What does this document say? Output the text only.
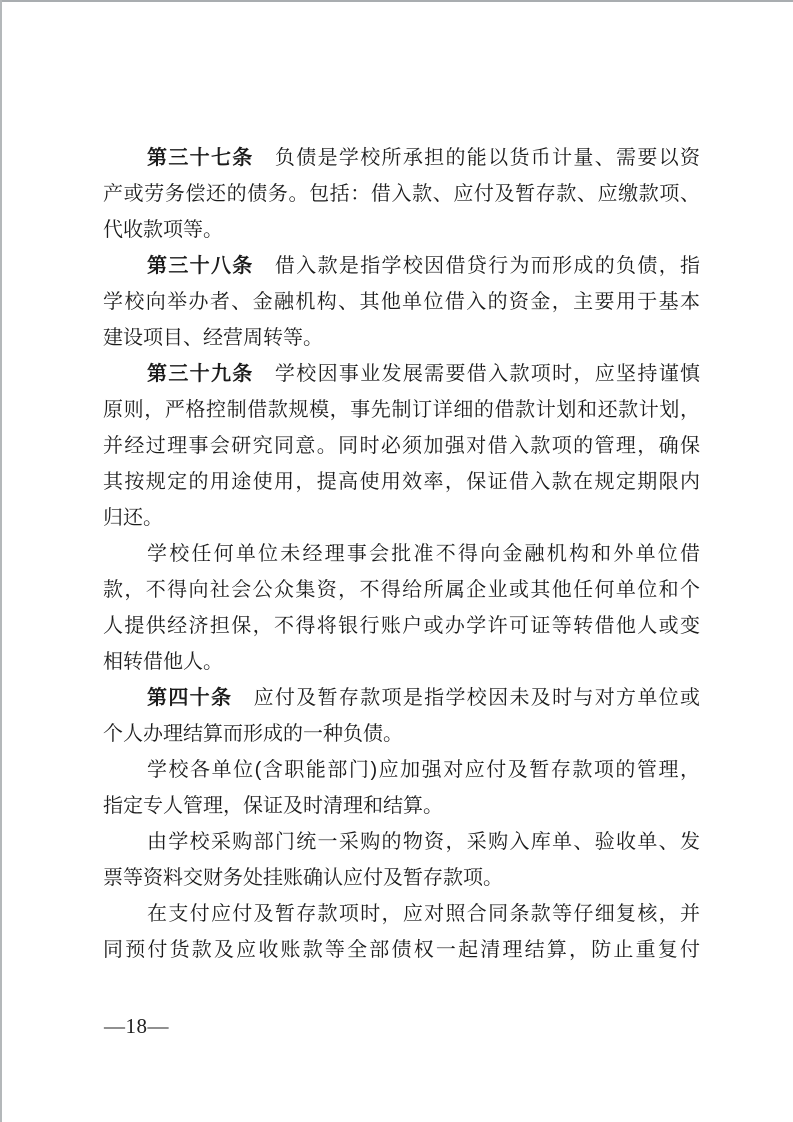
第三十七条　负债是学校所承担的能以货币计量、需要以资
产或劳务偿还的债务。包括：借入款、应付及暂存款、应缴款项、
代收款项等。
第三十八条　借入款是指学校因借贷行为而形成的负债，指
学校向举办者、金融机构、其他单位借入的资金，主要用于基本
建设项目、经营周转等。
第三十九条　学校因事业发展需要借入款项时，应坚持谨慎
原则，严格控制借款规模，事先制订详细的借款计划和还款计划，
并经过理事会研究同意。同时必须加强对借入款项的管理，确保
其按规定的用途使用，提高使用效率，保证借入款在规定期限内
归还。
学校任何单位未经理事会批准不得向金融机构和外单位借
款，不得向社会公众集资，不得给所属企业或其他任何单位和个
人提供经济担保，不得将银行账户或办学许可证等转借他人或变
相转借他人。
第四十条　应付及暂存款项是指学校因未及时与对方单位或
个人办理结算而形成的一种负债。
学校各单位(含职能部门)应加强对应付及暂存款项的管理，
指定专人管理，保证及时清理和结算。
由学校采购部门统一采购的物资，采购入库单、验收单、发
票等资料交财务处挂账确认应付及暂存款项。
在支付应付及暂存款项时，应对照合同条款等仔细复核，并
同预付货款及应收账款等全部债权一起清理结算，防止重复付
—18—
